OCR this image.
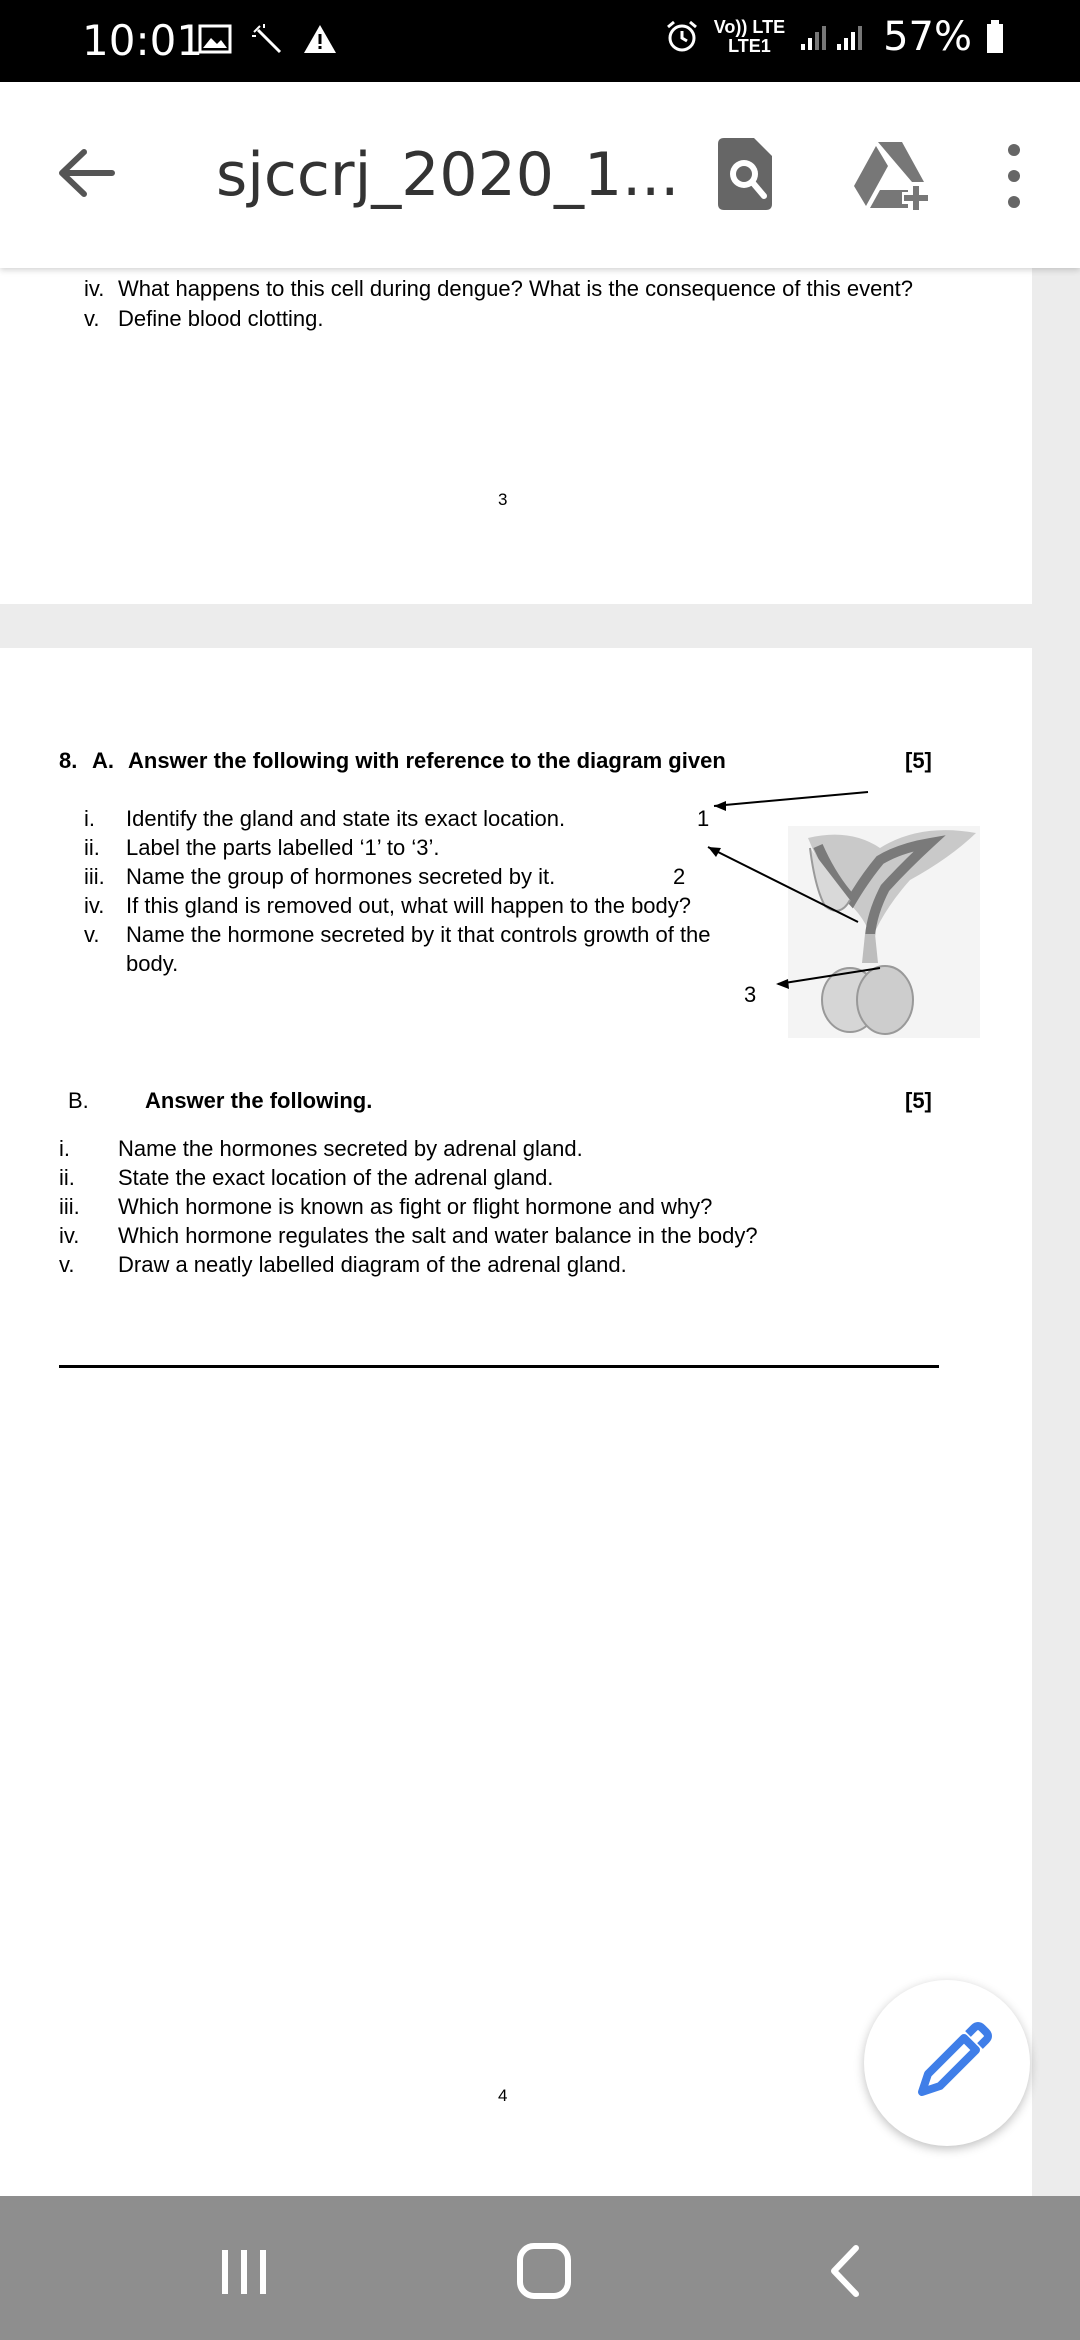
10:01	Vo)) LTE
LTE1	57%
sjccrj_2020_1...
iv. What happens to this cell during dengue? What is the consequence of this event?
v. Define blood clotting.
3
8. A. Answer the following with reference to the diagram given	[5]
i. Identify the gland and state its exact location.
ii. Label the parts labelled ‘1’ to ‘3’.
iii. Name the group of hormones secreted by it.
iv. If this gland is removed out, what will happen to the body?
v. Name the hormone secreted by it that controls growth of the
body.
1
2
3
B.	Answer the following.	[5]
i. Name the hormones secreted by adrenal gland.
ii. State the exact location of the adrenal gland.
iii. Which hormone is known as fight or flight hormone and why?
iv. Which hormone regulates the salt and water balance in the body?
v. Draw a neatly labelled diagram of the adrenal gland.
4
